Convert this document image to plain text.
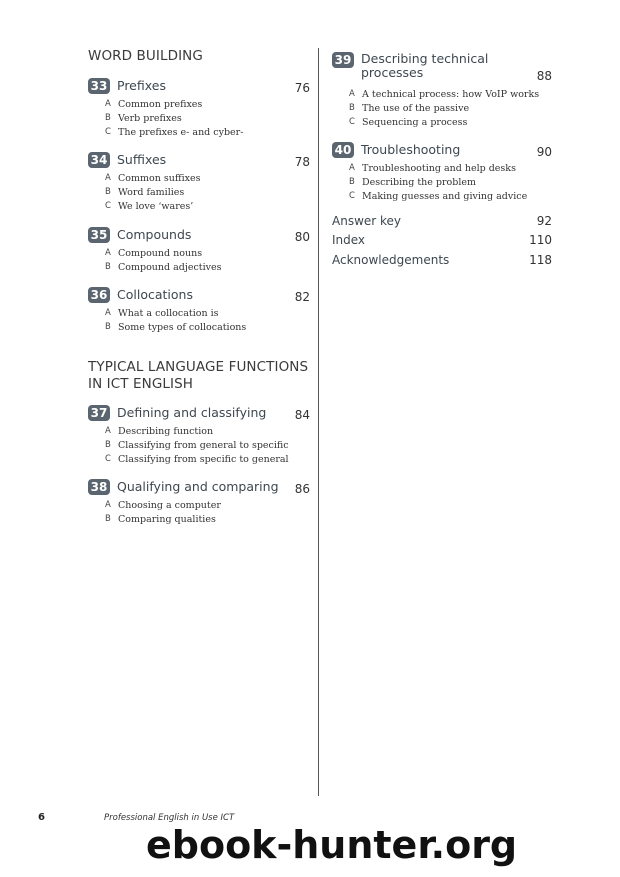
WORD BUILDING
33 Prefixes	76
A Common prefixes
B Verb prefixes
C The prefixes e- and cyber-
34 Suffixes	78
A Common suffixes
B Word families
C We love ‘wares’
35 Compounds	80
A Compound nouns
B Compound adjectives
36 Collocations	82
A What a collocation is
B Some types of collocations
TYPICAL LANGUAGE FUNCTIONS
IN ICT ENGLISH
37 Defining and classifying 84
A Describing function
B Classifying from general to specific
C Classifying from specific to general
38 Qualifying and comparing 86
A Choosing a computer
B Comparing qualities
39 Describing technical
processes	88
A A technical process: how VoIP works
B The use of the passive
C Sequencing a process
40 Troubleshooting	90
A Troubleshooting and help desks
B Describing the problem
C Making guesses and giving advice
Answer key	92
Index	110
Acknowledgements	118
6	Professional English in Use ICT
ebook-hunter.org
